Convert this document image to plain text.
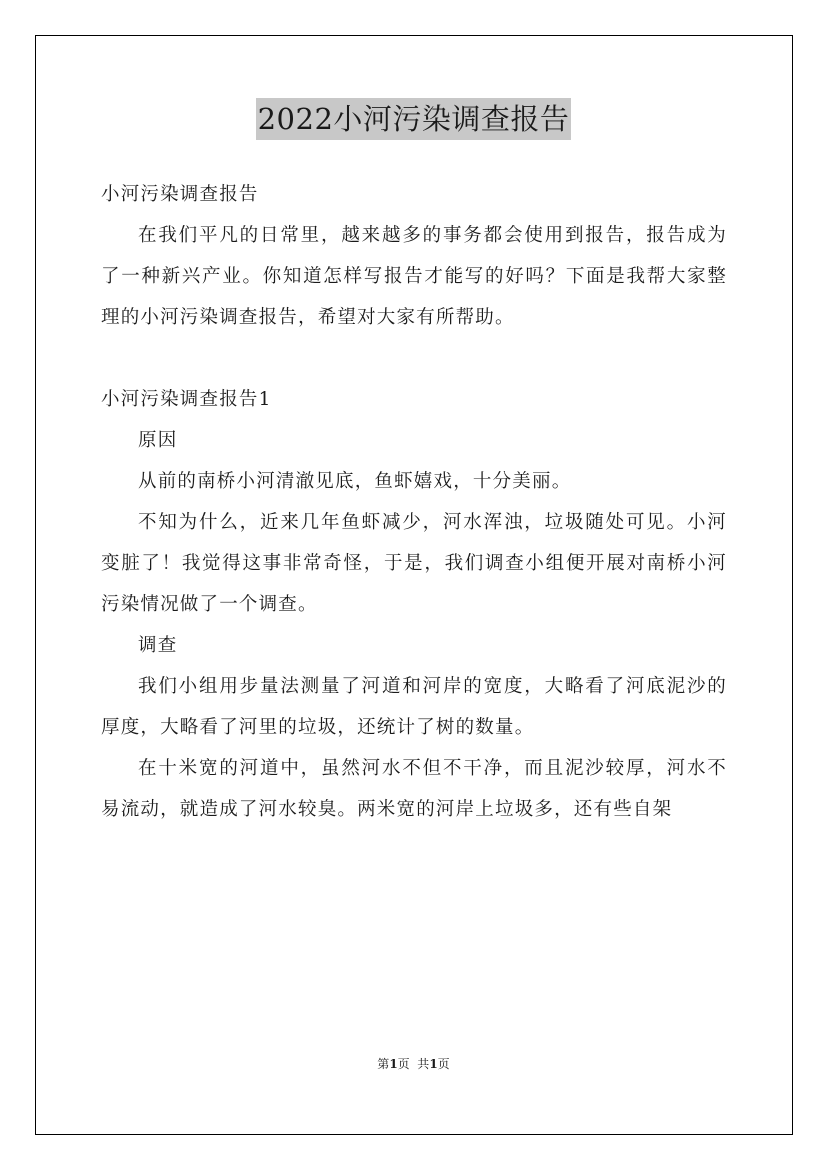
2022小河污染调查报告

小河污染调查报告

在我们平凡的日常里，越来越多的事务都会使用到报告，报告成为了一种新兴产业。你知道怎样写报告才能写的好吗？下面是我帮大家整理的小河污染调查报告，希望对大家有所帮助。

小河污染调查报告1

原因

从前的南桥小河清澈见底，鱼虾嬉戏，十分美丽。

不知为什么，近来几年鱼虾减少，河水浑浊，垃圾随处可见。小河变脏了！我觉得这事非常奇怪，于是，我们调查小组便开展对南桥小河污染情况做了一个调查。

调查

我们小组用步量法测量了河道和河岸的宽度，大略看了河底泥沙的厚度，大略看了河里的垃圾，还统计了树的数量。

在十米宽的河道中，虽然河水不但不干净，而且泥沙较厚，河水不易流动，就造成了河水较臭。两米宽的河岸上垃圾多，还有些自架

第1页  共1页
